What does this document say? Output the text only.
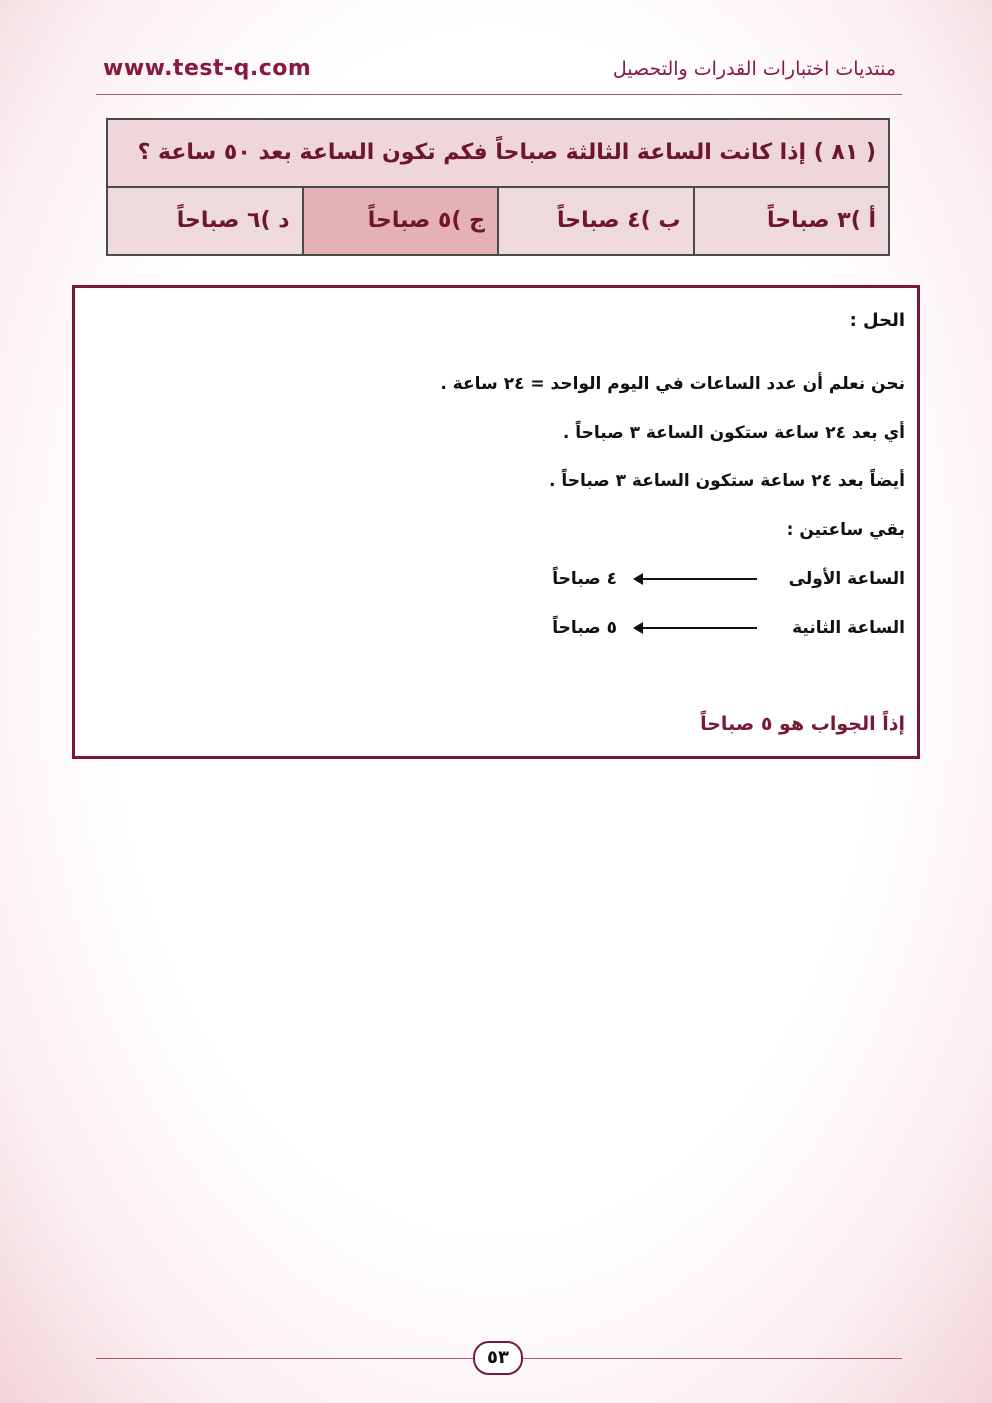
www.test-q.com	منتديات اختبارات القدرات والتحصيل
( ٨١ ) إذا كانت الساعة الثالثة صباحاً فكم تكون الساعة بعد ٥٠ ساعة ؟
أ )٣ صباحاً
ب )٤ صباحاً
ج )٥ صباحاً
د )٦ صباحاً
الحل :
نحن نعلم أن عدد الساعات في اليوم الواحد = ٢٤ ساعة .
أي بعد ٢٤ ساعة ستكون الساعة ٣ صباحاً .
أيضاً بعد ٢٤ ساعة ستكون الساعة ٣ صباحاً .
بقي ساعتين :
الساعة الأولى٤ صباحاً
الساعة الثانية٥ صباحاً
إذاً الجواب هو ٥ صباحاً
٥٣
